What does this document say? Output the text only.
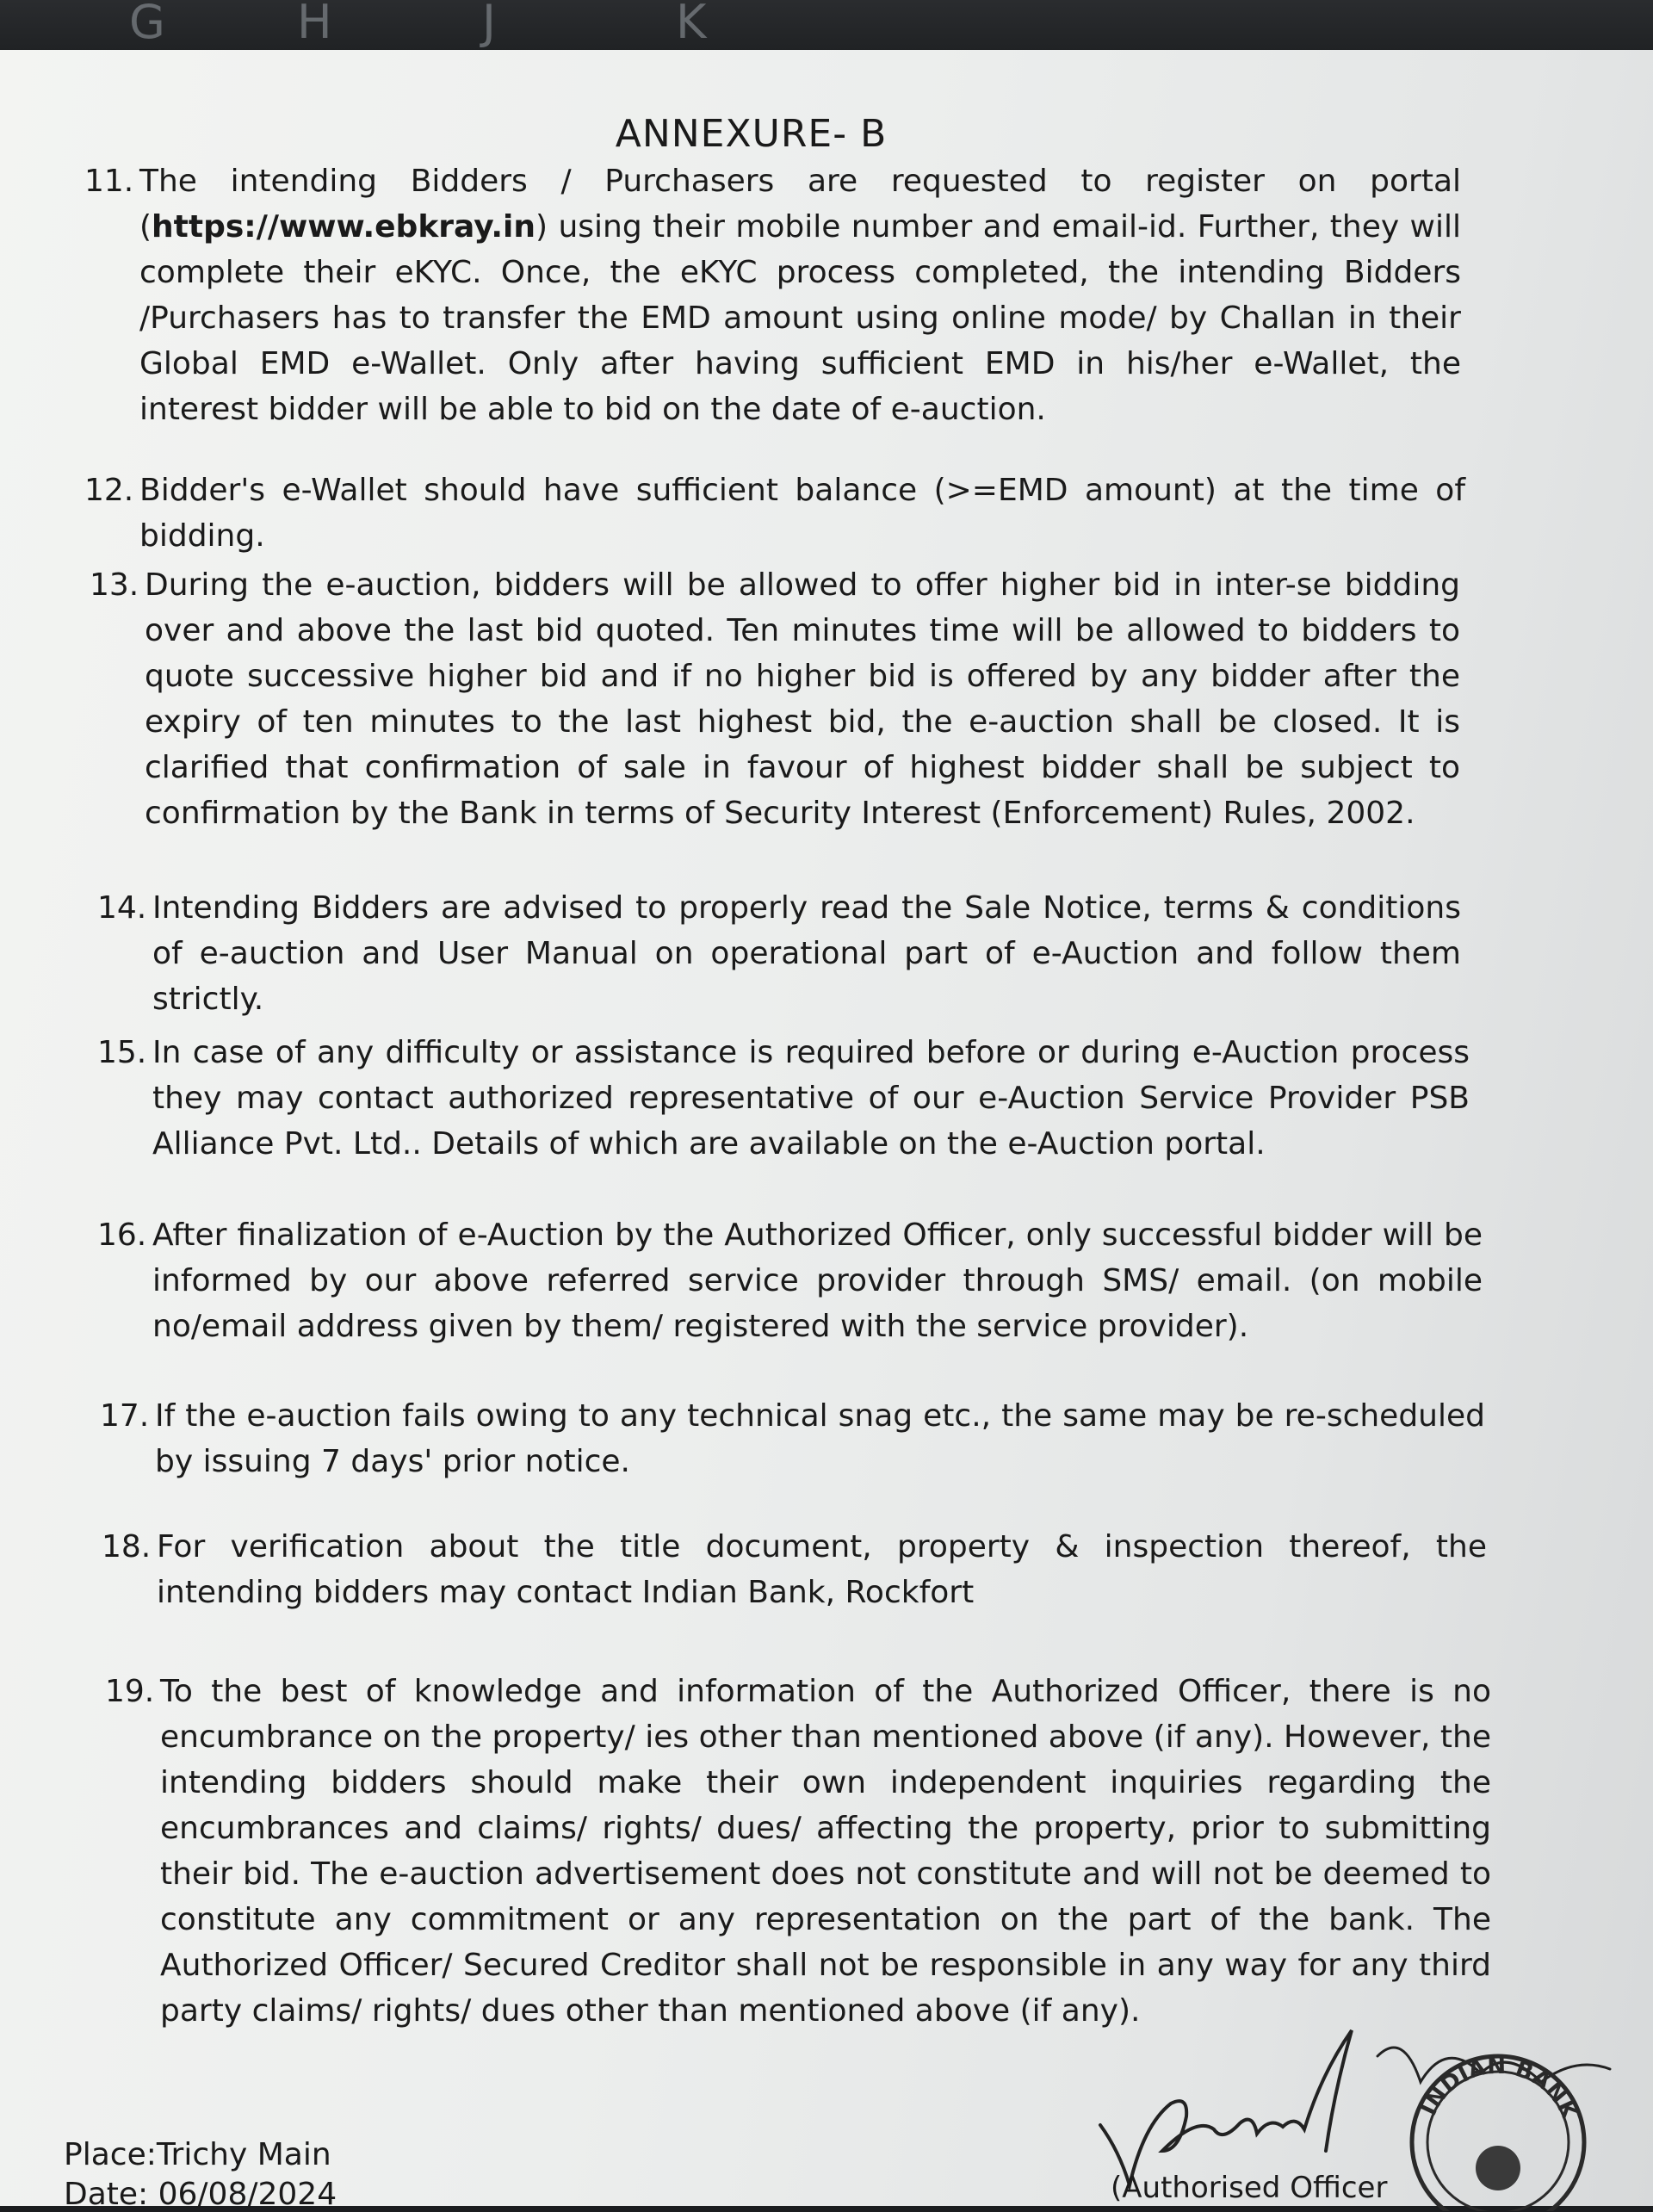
G	H	J	K
ANNEXURE- B
11. The intending Bidders / Purchasers are requested to register on portal (https://www.ebkray.in) using their mobile number and email-id. Further, they will complete their eKYC. Once, the eKYC process completed, the intending Bidders /Purchasers has to transfer the EMD amount using online mode/ by Challan in their Global EMD e-Wallet. Only after having sufficient EMD in his/her e-Wallet, the interest bidder will be able to bid on the date of e-auction.

12. Bidder's e-Wallet should have sufficient balance (>=EMD amount) at the time of bidding.

13. During the e-auction, bidders will be allowed to offer higher bid in inter-se bidding over and above the last bid quoted. Ten minutes time will be allowed to bidders to quote successive higher bid and if no higher bid is offered by any bidder after the expiry of ten minutes to the last highest bid, the e-auction shall be closed. It is clarified that confirmation of sale in favour of highest bidder shall be subject to confirmation by the Bank in terms of Security Interest (Enforcement) Rules, 2002.

14. Intending Bidders are advised to properly read the Sale Notice, terms & conditions of e-auction and User Manual on operational part of e-Auction and follow them strictly.

15. In case of any difficulty or assistance is required before or during e-Auction process they may contact authorized representative of our e-Auction Service Provider PSB Alliance Pvt. Ltd.. Details of which are available on the e-Auction portal.

16. After finalization of e-Auction by the Authorized Officer, only successful bidder will be informed by our above referred service provider through SMS/ email. (on mobile no/email address given by them/ registered with the service provider).

17. If the e-auction fails owing to any technical snag etc., the same may be re-scheduled by issuing 7 days' prior notice.

18. For verification about the title document, property & inspection thereof, the intending bidders may contact Indian Bank, Rockfort

19. To the best of knowledge and information of the Authorized Officer, there is no encumbrance on the property/ ies other than mentioned above (if any). However, the intending bidders should make their own independent inquiries regarding the encumbrances and claims/ rights/ dues/ affecting the property, prior to submitting their bid. The e-auction advertisement does not constitute and will not be deemed to constitute any commitment or any representation on the part of the bank. The Authorized Officer/ Secured Creditor shall not be responsible in any way for any third party claims/ rights/ dues other than mentioned above (if any).

Place:Trichy Main
Date: 06/08/2024
INDIAN BANK
(Authorised Officer
